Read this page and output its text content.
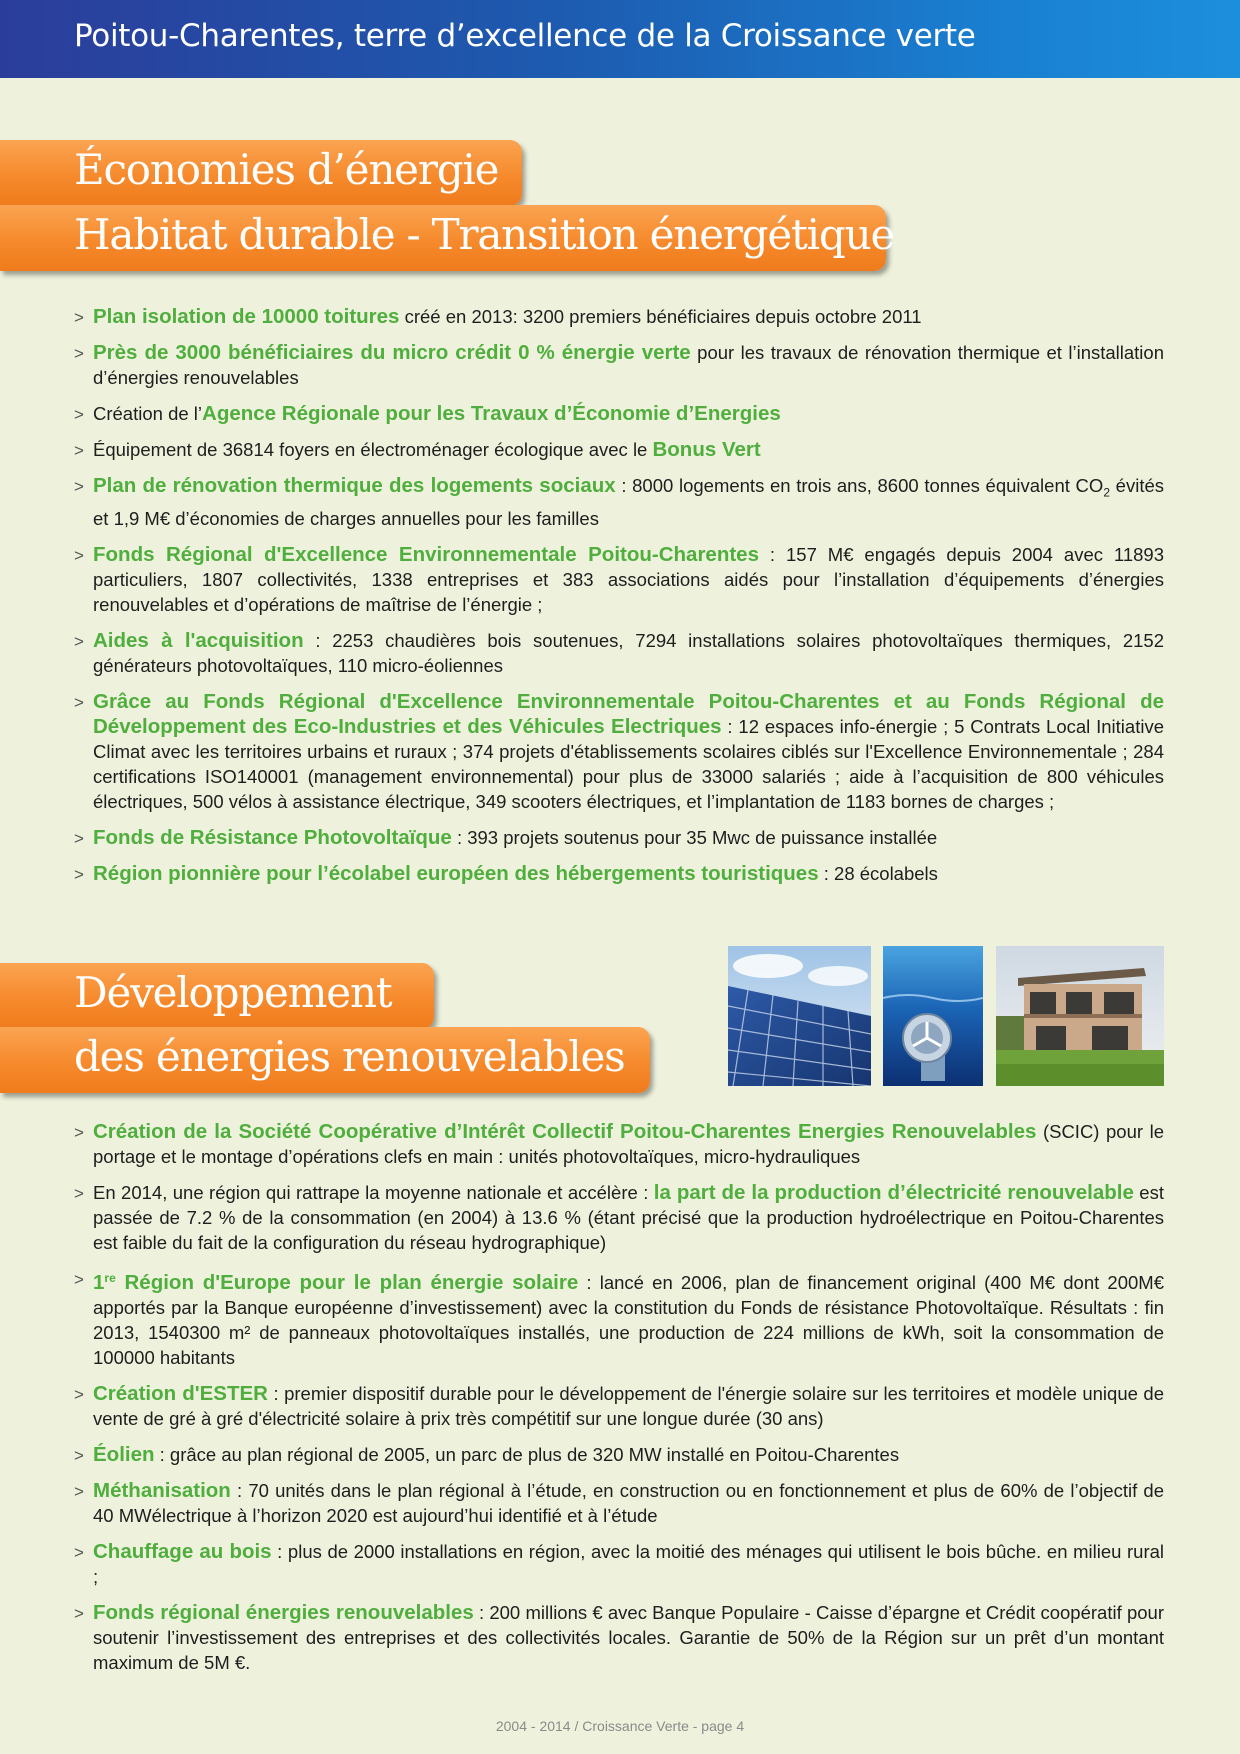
Poitou-Charentes, terre d’excellence de la Croissance verte
Économies d’énergie
Habitat durable - Transition énergétique
> Plan isolation de 10000 toitures créé en 2013: 3200 premiers bénéficiaires depuis octobre 2011
> Près de 3000 bénéficiaires du micro crédit 0 % énergie verte pour les travaux de rénovation thermique et l’installation d’énergies renouvelables
> Création de l’Agence Régionale pour les Travaux d’Économie d’Energies
> Équipement de 36814 foyers en électroménager écologique avec le Bonus Vert
> Plan de rénovation thermique des logements sociaux : 8000 logements en trois ans, 8600 tonnes équivalent $CO_2$ évités et 1,9 M€ d’économies de charges annuelles pour les familles
> Fonds Régional d'Excellence Environnementale Poitou-Charentes : 157 M€ engagés depuis 2004 avec 11893 particuliers, 1807 collectivités, 1338 entreprises et 383 associations aidés pour l’installation d’équipements d’énergies renouvelables et d’opérations de maîtrise de l’énergie ;
> Aides à l'acquisition : 2253 chaudières bois soutenues, 7294 installations solaires photovoltaïques thermiques, 2152 générateurs photovoltaïques, 110 micro-éoliennes
> Grâce au Fonds Régional d'Excellence Environnementale Poitou-Charentes et au Fonds Régional de Développement des Eco-Industries et des Véhicules Electriques : 12 espaces info-énergie ; 5 Contrats Local Initiative Climat avec les territoires urbains et ruraux ; 374 projets d'établissements scolaires ciblés sur l'Excellence Environnementale ; 284 certifications ISO140001 (management environnemental) pour plus de 33000 salariés ; aide à l’acquisition de 800 véhicules électriques, 500 vélos à assistance électrique, 349 scooters électriques, et l’implantation de 1183 bornes de charges ;
> Fonds de Résistance Photovoltaïque : 393 projets soutenus pour 35 Mwc de puissance installée
> Région pionnière pour l’écolabel européen des hébergements touristiques : 28 écolabels
Développement
des énergies renouvelables
> Création de la Société Coopérative d’Intérêt Collectif Poitou-Charentes Energies Renouvelables (SCIC) pour le portage et le montage d’opérations clefs en main : unités photovoltaïques, micro-hydrauliques
> En 2014, une région qui rattrape la moyenne nationale et accélère : la part de la production d’électricité renouvelable est passée de 7.2 % de la consommation (en 2004) à 13.6 % (étant précisé que la production hydroélectrique en Poitou-Charentes est faible du fait de la configuration du réseau hydrographique)
> 1re Région d'Europe pour le plan énergie solaire : lancé en 2006, plan de financement original (400 M€ dont 200M€ apportés par la Banque européenne d’investissement) avec la constitution du Fonds de résistance Photovoltaïque. Résultats : fin 2013, 1540300 m² de panneaux photovoltaïques installés, une production de 224 millions de kWh, soit la consommation de 100000 habitants
> Création d'ESTER : premier dispositif durable pour le développement de l'énergie solaire sur les territoires et modèle unique de vente de gré à gré d'électricité solaire à prix très compétitif sur une longue durée (30 ans)
> Éolien : grâce au plan régional de 2005, un parc de plus de 320 MW installé en Poitou-Charentes
> Méthanisation : 70 unités dans le plan régional à l’étude, en construction ou en fonctionnement et plus de 60% de l’objectif de 40 MWélectrique à l’horizon 2020 est aujourd’hui identifié et à l’étude
> Chauffage au bois : plus de 2000 installations en région, avec la moitié des ménages qui utilisent le bois bûche. en milieu rural ;
> Fonds régional énergies renouvelables : 200 millions € avec Banque Populaire - Caisse d’épargne et Crédit coopératif pour soutenir l’investissement des entreprises et des collectivités locales. Garantie de 50% de la Région sur un prêt d’un montant maximum de 5M €.
2004 - 2014 / Croissance Verte - page 4
